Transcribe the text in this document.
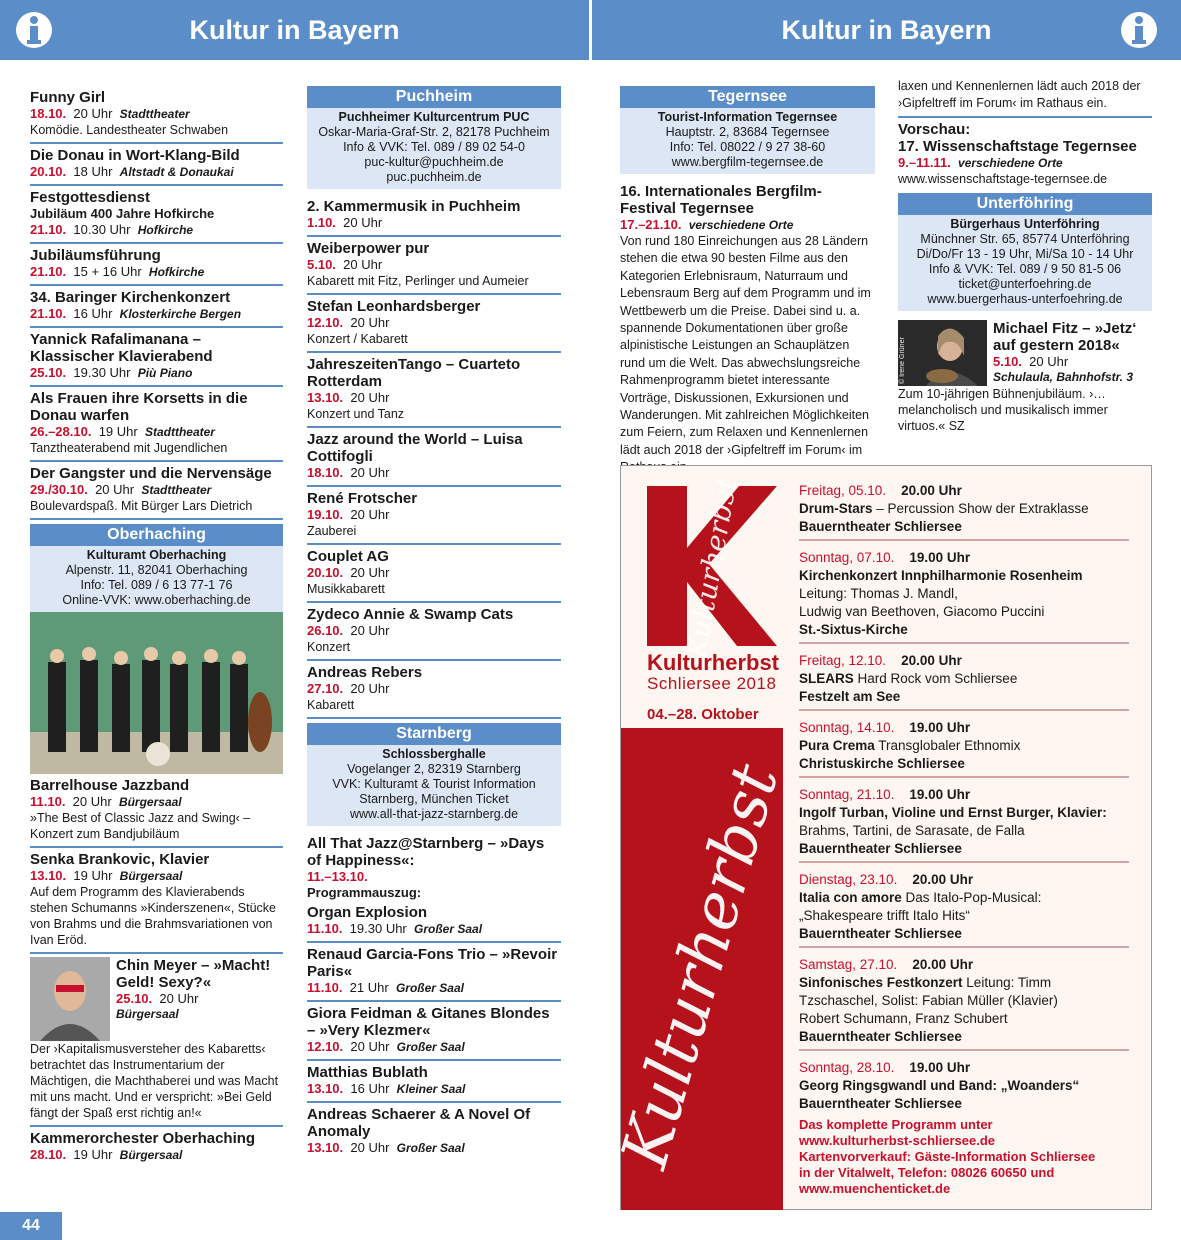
Kultur in Bayern	Kultur in Bayern
Funny Girl
18.10. 20 Uhr Stadttheater
Komödie. Landestheater Schwaben
Die Donau in Wort-Klang-Bild
20.10. 18 Uhr Altstadt & Donaukai
Festgottesdienst
Jubiläum 400 Jahre Hofkirche
21.10. 10.30 Uhr Hofkirche
Jubiläumsführung
21.10. 15 + 16 Uhr Hofkirche
34. Baringer Kirchenkonzert
21.10. 16 Uhr Klosterkirche Bergen
Yannick Rafalimanana – Klassischer Klavierabend
25.10. 19.30 Uhr Più Piano
Als Frauen ihre Korsetts in die Donau warfen
26.–28.10. 19 Uhr Stadttheater
Tanztheaterabend mit Jugendlichen
Der Gangster und die Nervensäge
29./30.10. 20 Uhr Stadttheater
Boulevardspaß. Mit Bürger Lars Dietrich
Oberhaching
Kulturamt Oberhaching
Alpenstr. 11, 82041 Oberhaching
Info: Tel. 089 / 6 13 77-1 76
Online-VVK: www.oberhaching.de
Barrelhouse Jazzband
11.10. 20 Uhr Bürgersaal
»The Best of Classic Jazz and Swing‹ – Konzert zum Bandjubiläum
Senka Brankovic, Klavier
13.10. 19 Uhr Bürgersaal
Auf dem Programm des Klavierabends stehen Schumanns »Kinderszenen«, Stücke von Brahms und die Brahmsvariationen von Ivan Eröd.
Chin Meyer – »Macht! Geld! Sexy?«
25.10. 20 Uhr
Bürgersaal
Der ›Kapitalismusversteher des Kabaretts‹ betrachtet das Instrumentarium der Mächtigen, die Machthaberei und was Macht mit uns macht. Und er verspricht: »Bei Geld fängt der Spaß erst richtig an!«
Kammerorchester Oberhaching
28.10. 19 Uhr Bürgersaal
Puchheim
Puchheimer Kulturcentrum PUC
Oskar-Maria-Graf-Str. 2, 82178 Puchheim
Info & VVK: Tel. 089 / 89 02 54-0
puc-kultur@puchheim.de
puc.puchheim.de
2. Kammermusik in Puchheim
1.10. 20 Uhr
Weiberpower pur
5.10. 20 Uhr
Kabarett mit Fitz, Perlinger und Aumeier
Stefan Leonhardsberger
12.10. 20 Uhr
Konzert / Kabarett
JahreszeitenTango – Cuarteto Rotterdam
13.10. 20 Uhr
Konzert und Tanz
Jazz around the World – Luisa Cottifogli
18.10. 20 Uhr
René Frotscher
19.10. 20 Uhr
Zauberei
Couplet AG
20.10. 20 Uhr
Musikkabarett
Zydeco Annie & Swamp Cats
26.10. 20 Uhr
Konzert
Andreas Rebers
27.10. 20 Uhr
Kabarett
Starnberg
Schlossberghalle
Vogelanger 2, 82319 Starnberg
VVK: Kulturamt & Tourist Information
Starnberg, München Ticket
www.all-that-jazz-starnberg.de
All That Jazz@Starnberg – »Days of Happiness«:
11.–13.10.
Programmauszug:
Organ Explosion
11.10. 19.30 Uhr Großer Saal
Renaud Garcia-Fons Trio – »Revoir Paris«
11.10. 21 Uhr Großer Saal
Giora Feidman & Gitanes Blondes – »Very Klezmer«
12.10. 20 Uhr Großer Saal
Matthias Bublath
13.10. 16 Uhr Kleiner Saal
Andreas Schaerer & A Novel Of Anomaly
13.10. 20 Uhr Großer Saal
Tegernsee
Tourist-Information Tegernsee
Hauptstr. 2, 83684 Tegernsee
Info: Tel. 08022 / 9 27 38-60
www.bergfilm-tegernsee.de
16. Internationales Bergfilm-Festival Tegernsee
17.–21.10. verschiedene Orte
Von rund 180 Einreichungen aus 28 Ländern stehen die etwa 90 besten Filme aus den Kategorien Erlebnisraum, Naturraum und Lebensraum Berg auf dem Programm und im Wettbewerb um die Preise. Dabei sind u. a. spannende Dokumentationen über große alpinistische Leistungen an Schauplätzen rund um die Welt. Das abwechslungsreiche Rahmenprogramm bietet interessante Vorträge, Diskussionen, Exkursionen und Wanderungen. Mit zahlreichen Möglichkeiten zum Feiern, zum Relaxen und Kennenlernen lädt auch 2018 der ›Gipfeltreff im Forum‹ im
laxen und Kennenlernen lädt auch 2018 der ›Gipfeltreff im Forum‹ im Rathaus ein.
Vorschau:
17. Wissenschaftstage Tegernsee
9.–11.11. verschiedene Orte
www.wissenschaftstage-tegernsee.de
Unterföhring
Bürgerhaus Unterföhring
Münchner Str. 65, 85774 Unterföhring
Di/Do/Fr 13 - 19 Uhr, Mi/Sa 10 - 14 Uhr
Info & VVK: Tel. 089 / 9 50 81-5 06
ticket@unterfoehring.de
www.buergerhaus-unterfoehring.de
© Irene Grüner
Michael Fitz – »Jetz‘ auf gestern 2018«
5.10. 20 Uhr
Schulaula, Bahnhofstr. 3
Zum 10-jährigen Bühnenjubiläum. ›…melancholisch und musikalisch immer virtuos.« SZ
Kulturherbst
Kulturherbst
Schliersee 2018
04.–28. Oktober
Kulturherbst
Freitag, 05.10. 20.00 Uhr
Drum-Stars – Percussion Show der Extraklasse
Bauerntheater Schliersee
Sonntag, 07.10. 19.00 Uhr
Kirchenkonzert Innphilharmonie Rosenheim
Leitung: Thomas J. Mandl,
Ludwig van Beethoven, Giacomo Puccini
St.-Sixtus-Kirche
Freitag, 12.10. 20.00 Uhr
SLEARS Hard Rock vom Schliersee
Festzelt am See
Sonntag, 14.10. 19.00 Uhr
Pura Crema Transglobaler Ethnomix
Christuskirche Schliersee
Sonntag, 21.10. 19.00 Uhr
Ingolf Turban, Violine und Ernst Burger, Klavier:
Brahms, Tartini, de Sarasate, de Falla
Bauerntheater Schliersee
Dienstag, 23.10. 20.00 Uhr
Italia con amore Das Italo-Pop-Musical:
„Shakespeare trifft Italo Hits“
Bauerntheater Schliersee
Samstag, 27.10. 20.00 Uhr
Sinfonisches Festkonzert Leitung: Timm
Tzschaschel, Solist: Fabian Müller (Klavier)
Robert Schumann, Franz Schubert
Bauerntheater Schliersee
Sonntag, 28.10. 19.00 Uhr
Georg Ringsgwandl und Band: „Woanders“
Bauerntheater Schliersee
Das komplette Programm unter
www.kulturherbst-schliersee.de
Kartenvorverkauf: Gäste-Information Schliersee
in der Vitalwelt, Telefon: 08026 60650 und
www.muenchenticket.de
44
